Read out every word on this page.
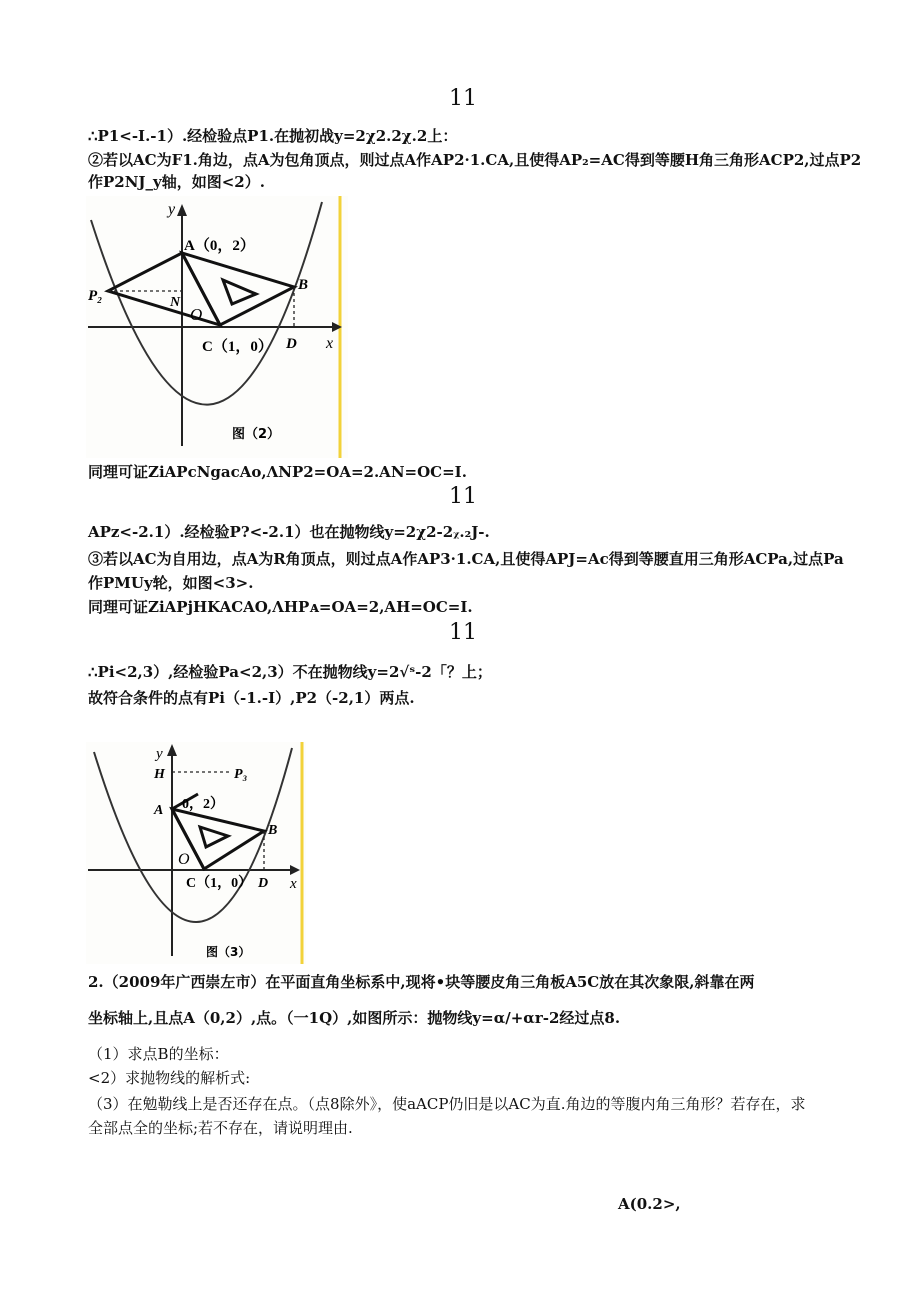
11
11
11
∴P1<-I.-1）.经检验点P1.在抛初战y=2χ2.2χ.2上：
②若以AC为F1.角边，点A为包角顶点，则过点A作AP2·1.CA,且使得AP₂=AC得到等腰H角三角形ACP2,过点P2
作P2NJ_y轴，如图<2）.
y
x
A（0，2）
P₂	N
O
C（1，0）
B
D
图（2）
同理可证ZiAPcNgacAo,ΛNP2=OA=2.AN=OC=I.
APz<-2.1）.经检验P?<-2.1）也在抛物线y=2χ2-2ᵪ.₂J-.
③若以AC为自用边，点A为R角顶点，则过点A作AP3·1.CA,且使得APJ=Ac得到等腰直用三角形ACPa,过点Pa
作PMUy轮，如图<3>.
同理可证ZiAPjHKACAO,ΛHPᴀ=OA=2,AH=OC=I.
∴Pi<2,3）,经检验Pa<2,3）不在抛物线y=2√ˢ-2「？上；
故符合条件的点有Pi（-1.-I）,P2（-2,1）两点.
y
x
H	P₃
A 0，2）
O
C（1，0）
B
D
图（3）
2.（2009年广西崇左市）在平面直角坐标系中,现将•块等腰皮角三角板A5C放在其次象限,斜靠在两
坐标轴上,且点A（0,2）,点。（一1Q）,如图所示：抛物线y=α/+αr-2经过点8.
（1）求点B的坐标：
<2）求抛物线的解析式:
（3）在勉勒线上是否还存在点。（点8除外》，使aACP仍旧是以AC为直.角边的等腹内角三角形？若存在，求
全部点全的坐标;若不存在，请说明理由.
A(0.2>,
